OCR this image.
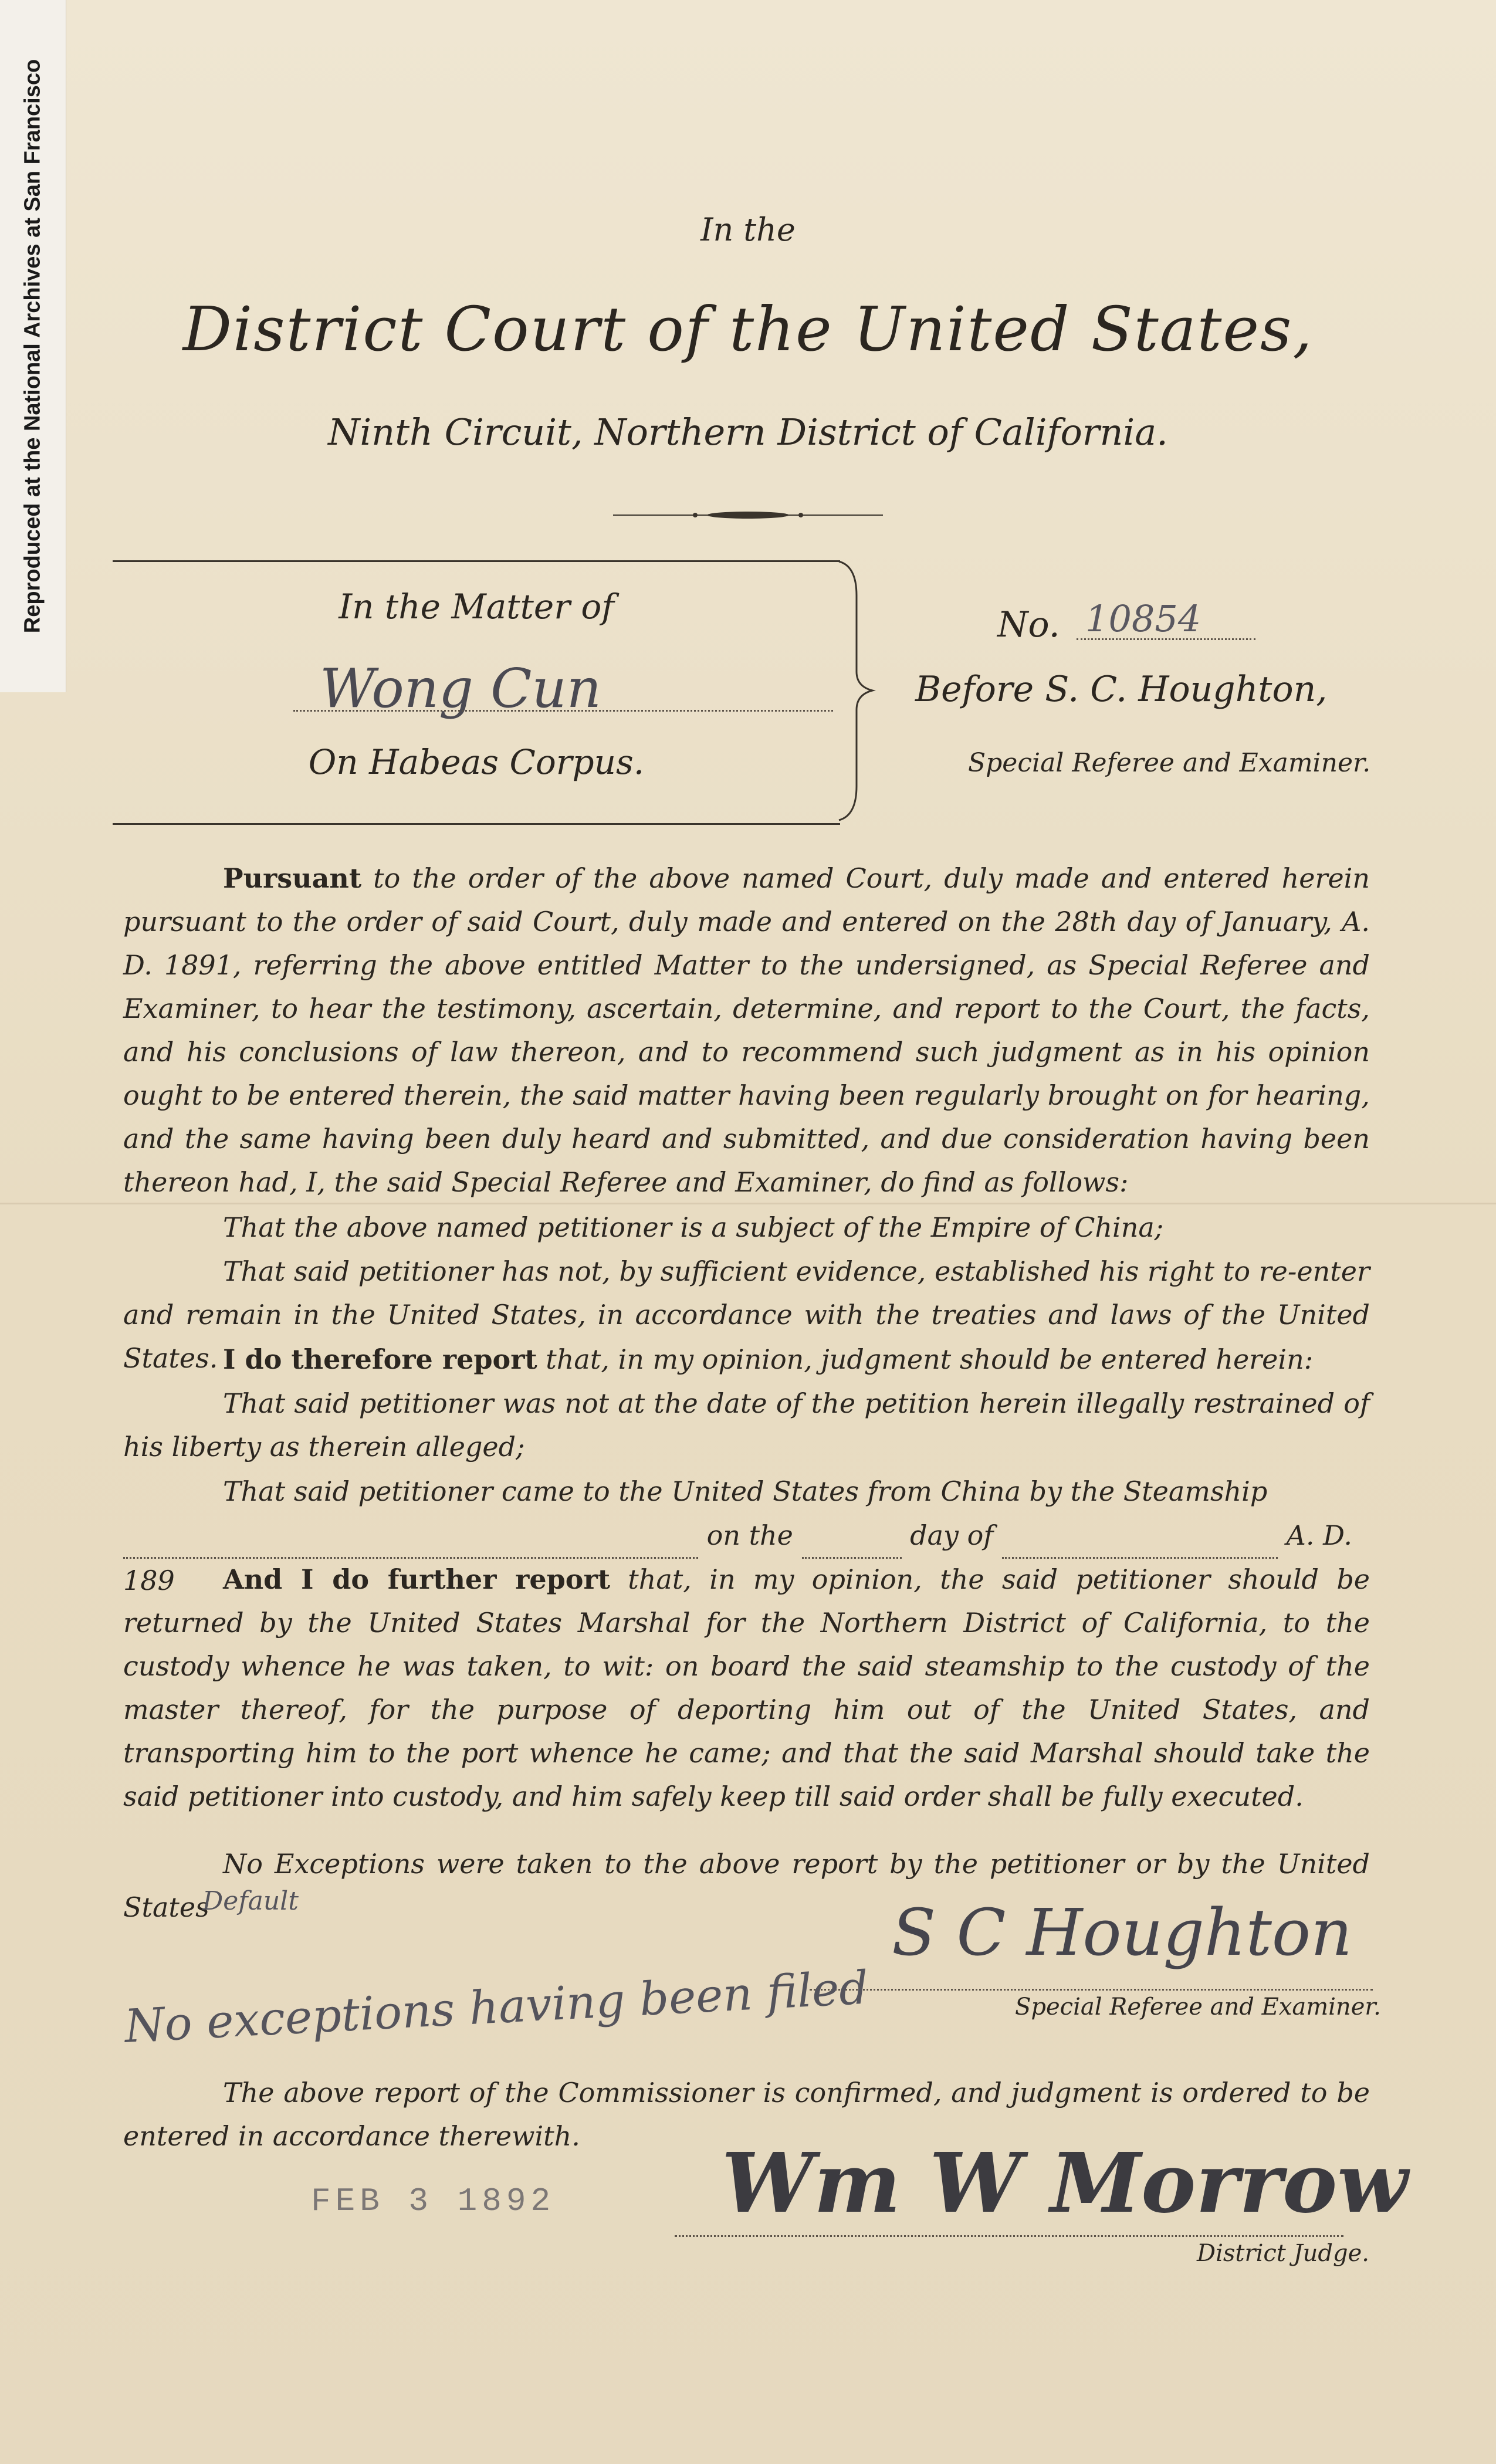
Reproduced at the National Archives at San Francisco	In the
District Court of the United States,
Ninth Circuit, Northern District of California.
In the Matter of
Wong Cun
On Habeas Corpus.
No. 10854
Before S. C. Houghton,
Special Referee and Examiner.
Pursuant to the order of the above named Court, duly made and entered herein pursuant to the order of said Court, duly made and entered on the 28th day of January, A. D. 1891, referring the above entitled Matter to the undersigned, as Special Referee and Examiner, to hear the testimony, ascertain, determine, and report to the Court, the facts, and his conclusions of law thereon, and to recommend such judgment as in his opinion ought to be entered therein, the said matter having been regularly brought on for hearing, and the same having been duly heard and submitted, and due consideration having been thereon had, I, the said Special Referee and Examiner, do find as follows:
That the above named petitioner is a subject of the Empire of China;
That said petitioner has not, by sufficient evidence, established his right to re-enter and remain in the United States, in accordance with the treaties and laws of the United States. I do therefore report that, in my opinion, judgment should be entered herein:
That said petitioner was not at the date of the petition herein illegally restrained of his liberty as therein alleged;
That said petitioner came to the United States from China by the Steamship
on the	day of	A. D. 189	And I do further report that, in my opinion, the said petitioner should be returned by the United States Marshal for the Northern District of California, to the custody whence he was taken, to wit: on board the said steamship to the custody of the master thereof, for the purpose of deporting him out of the United States, and transporting him to the port whence he came; and that the said Marshal should take the said petitioner into custody, and him safely keep till said order shall be fully executed.
No Exceptions were taken to the above report by the petitioner or by the United States
Default	S C Houghton
Special Referee and Examiner.
No exceptions having been filed
The above report of the Commissioner is confirmed, and judgment is ordered to be entered in accordance therewith.
FEB 3 1892 Wm W Morrow
District Judge.
